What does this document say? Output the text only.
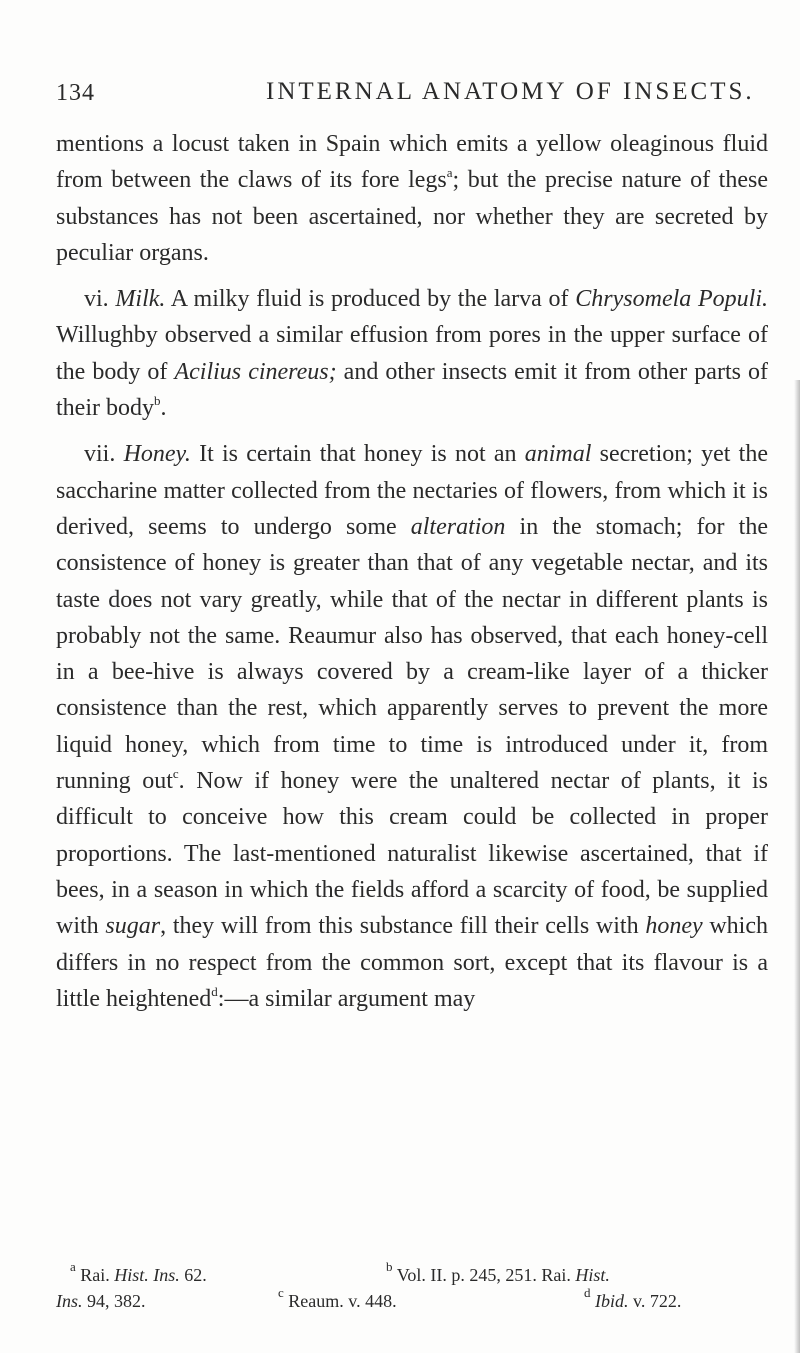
134	INTERNAL ANATOMY OF INSECTS.

mentions a locust taken in Spain which emits a yellow oleaginous fluid from between the claws of its fore legs$^a$; but the precise nature of these substances has not been ascertained, nor whether they are secreted by peculiar organs.

vi. Milk. A milky fluid is produced by the larva of Chrysomela Populi. Willughby observed a similar effusion from pores in the upper surface of the body of Acilius cinereus; and other insects emit it from other parts of their body$^b$.

vii. Honey. It is certain that honey is not an animal secretion; yet the saccharine matter collected from the nectaries of flowers, from which it is derived, seems to undergo some alteration in the stomach; for the consistence of honey is greater than that of any vegetable nectar, and its taste does not vary greatly, while that of the nectar in different plants is probably not the same. Reaumur also has observed, that each honey-cell in a bee-hive is always covered by a cream-like layer of a thicker consistence than the rest, which apparently serves to prevent the more liquid honey, which from time to time is introduced under it, from running out$^c$. Now if honey were the unaltered nectar of plants, it is difficult to conceive how this cream could be collected in proper proportions. The last-mentioned naturalist likewise ascertained, that if bees, in a season in which the fields afford a scarcity of food, be supplied with sugar, they will from this substance fill their cells with honey which differs in no respect from the common sort, except that its flavour is a little heightened$^d$:—a similar argument may

$^a$ Rai. Hist. Ins. 62.	$^b$ Vol. II. p. 245, 251. Rai. Hist.
Ins. 94, 382.	$^c$ Reaum. v. 448.	$^d$ Ibid. v. 722.
